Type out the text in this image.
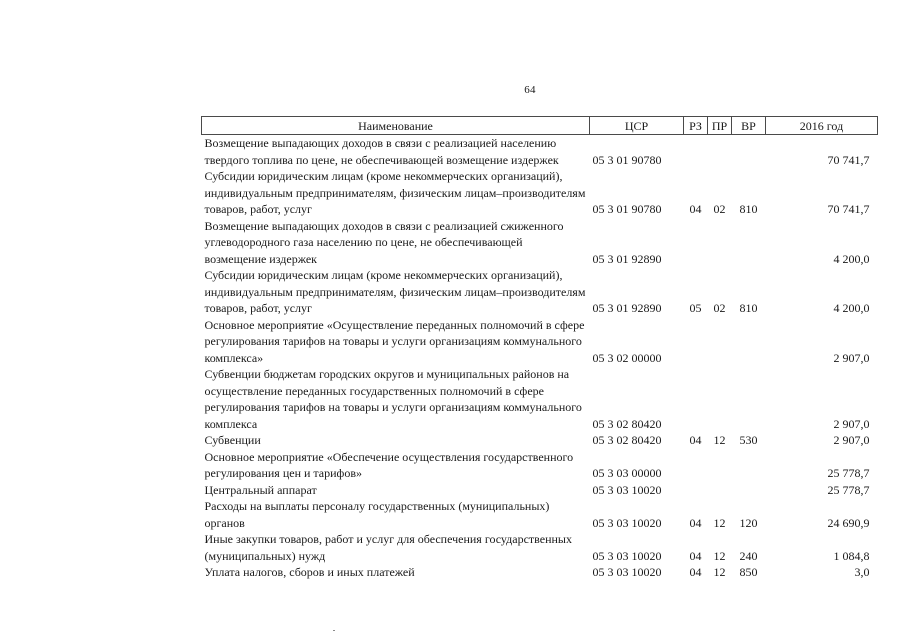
64
Наименование	ЦСР	РЗ	ПР	ВР	2016 год
Возмещение выпадающих доходов в связи с реализацией населению твердого топлива по цене, не обеспечивающей возмещение издержек	05 3 01 90780				70 741,7
Субсидии юридическим лицам (кроме некоммерческих организаций), индивидуальным предпринимателям, физическим лицам–производителям товаров, работ, услуг	05 3 01 90780	04	02	810	70 741,7
Возмещение выпадающих доходов в связи с реализацией сжиженного углеводородного газа населению по цене, не обеспечивающей возмещение издержек	05 3 01 92890				4 200,0
Субсидии юридическим лицам (кроме некоммерческих организаций), индивидуальным предпринимателям, физическим лицам–производителям товаров, работ, услуг	05 3 01 92890	05	02	810	4 200,0
Основное мероприятие «Осуществление переданных полномочий в сфере регулирования тарифов на товары и услуги организациям коммунального комплекса»	05 3 02 00000				2 907,0
Субвенции бюджетам городских округов и муниципальных районов на осуществление переданных государственных полномочий в сфере регулирования тарифов на товары и услуги организациям коммунального комплекса	05 3 02 80420				2 907,0
Субвенции	05 3 02 80420	04	12	530	2 907,0
Основное мероприятие «Обеспечение осуществления государственного регулирования цен и тарифов»	05 3 03 00000				25 778,7
Центральный аппарат	05 3 03 10020				25 778,7
Расходы на выплаты персоналу государственных (муниципальных) органов	05 3 03 10020	04	12	120	24 690,9
Иные закупки товаров, работ и услуг для обеспечения государственных (муниципальных) нужд	05 3 03 10020	04	12	240	1 084,8
Уплата налогов, сборов и иных платежей	05 3 03 10020	04	12	850	3,0
